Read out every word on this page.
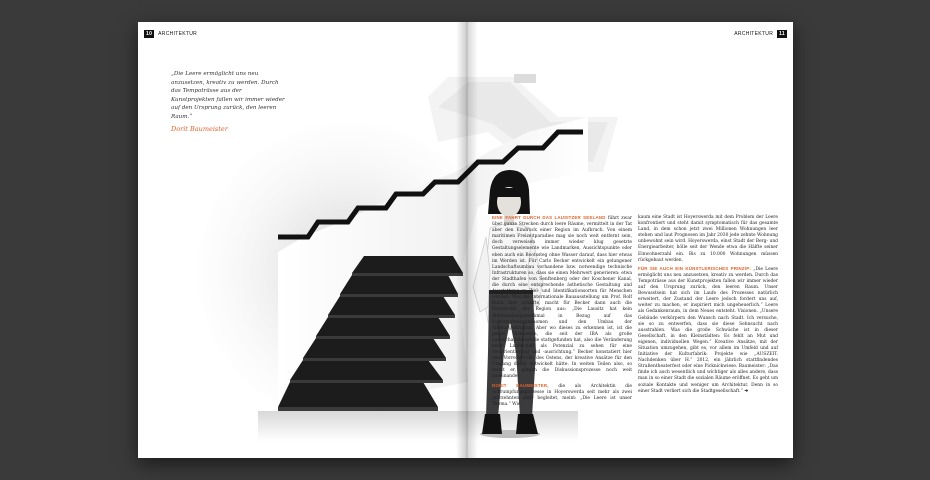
10	ARCHITEKTUR	ARCHITEKTUR	11
„Die Leere ermöglicht uns neu anzusetzen, kreativ zu werden. Durch das Tempoträsse aus der Kunstprojekten fallen wir immer wieder auf den Ursprung zurück, den leeren Raum.“
Dorit Baumeister

EINE FAHRT DURCH DAS LAUSITZER SEELAND führt zwar über ganze Strecken durch leere Räume, vermittelt in der Tat aber den Eindruck einer Region im Aufbruch. Von einem maritimen Freizeitparadies mag sie noch weit entfernt sein, doch verweisen immer wieder klug gesetzte Gestaltungselemente wie Landmarken, Aussichtspunkte oder eben auch ein Bootssteg ohne Wasser darauf, dass hier etwas im Werden ist. Für Carlo Becker entwickelt ein gelungener Landschaftsumbau vorhandene bzw. notwendige technische Infrastrukturen so, dass sie einen Mehrwert generieren: etwa der Stadthafen von Senftenberg oder der Koschener Kanal, die durch eine entsprechende ästhetische Gestaltung und Ausstattung zu Ziel- und Identifikationsorten für Menschen werden. Was die Internationale Bauausstellung um Prof. Rolf Kuhn hier schaffte, macht für Becker dann auch die Posterrolle der Region aus: „Die Lausitz hat kein Alleinstellungsmerkmal in Bezug auf das Schrumpfungsphänomen und den Umbau der Siedlungsstruktur. Aber wo dieses zu erkennen ist, ist die ganze Diskussion, die seit der IBA als große Landschaftsbaustelle stattgefunden hat, also die Veränderung einer Landschaft als Potenzial zu sehen für eine Neuorientierung und -ausrichtung.“ Becker konstatiert hier eine Vorreiterrolle des Ostens, der kreative Ansätze für den Umgang damit entwickelt hätte. In weiten Teilen also, so meint er, gingen die Diskussionsprozesse noch weit auseinander.

DORIT BAUMEISTER, die als Architektin die Schrumpfungsprozesse in Hoyerswerda seit mehr als zwei Jahrzehnten aktiv begleitet, meint: „Die Leere ist unser Thema.“ Wie

kaum eine Stadt ist Hoyerswerda mit dem Problem der Leere konfrontiert und steht damit symptomatisch für das gesamte Land, in dem schon jetzt zwei Millionen Wohnungen leer stehen und laut Prognosen im Jahr 2030 jede zehnte Wohnung unbewohnt sein wird. Hoyerswerda, einst Stadt der Berg- und Energiearbeiter, hölle seit der Wende etwa die Hälfte seiner Einwohnerzahl ein. Bis zu 10.000 Wohnungen müssen rückgebaut werden.

FÜR SIE AUCH EIN KÜNSTLERISCHES PRINZIP: „Die Leere ermöglicht uns neu anzusetzen, kreativ zu werden. Durch das Tempoträsse aus der Kunstprojekten fallen wir immer wieder auf den Ursprung zurück, den leeren Raum. Unser Bewusstsein hat sich im Laufe des Prozesses natürlich erweitert, der Zustand der Leere jedoch fordert uns auf, weiter zu machen, er inspiriert mich ungeheuerlich.“ Leere als Gedankenraum, in dem Neues entsteht. Visionen. „Unsere Gebäude verkörpern den Wunsch nach Stadt. Ich versuche, sie so zu entwerfen, dass sie diese Sehnsucht nach ausstrahlen. Was die große Schwäche ist in dieser Gesellschaft, in den Kleinstädten: Es fehlt an Mut und eigenen, individuellen Wegen.“ Kreative Ansätze, mit der Situation umzugehen, gibt es, vor allem im Umfeld und auf Initiative der Kulturfabrik: Projekte wie „AUSZEIT. Nachdenken über H.“ 2012, ein jährlich stattfindendes Straßentheaterfest oder eine Picknickwiese. Baumeister: „Das finde ich auch wesentlich und wichtiger als alles andere, dass man in so einer Stadt die sozialen Räume eröffnet. Es geht um soziale Kontakte und weniger um Architektur. Denn in so einer Stadt verliert sich die Stadtgesellschaft.“ ➔
